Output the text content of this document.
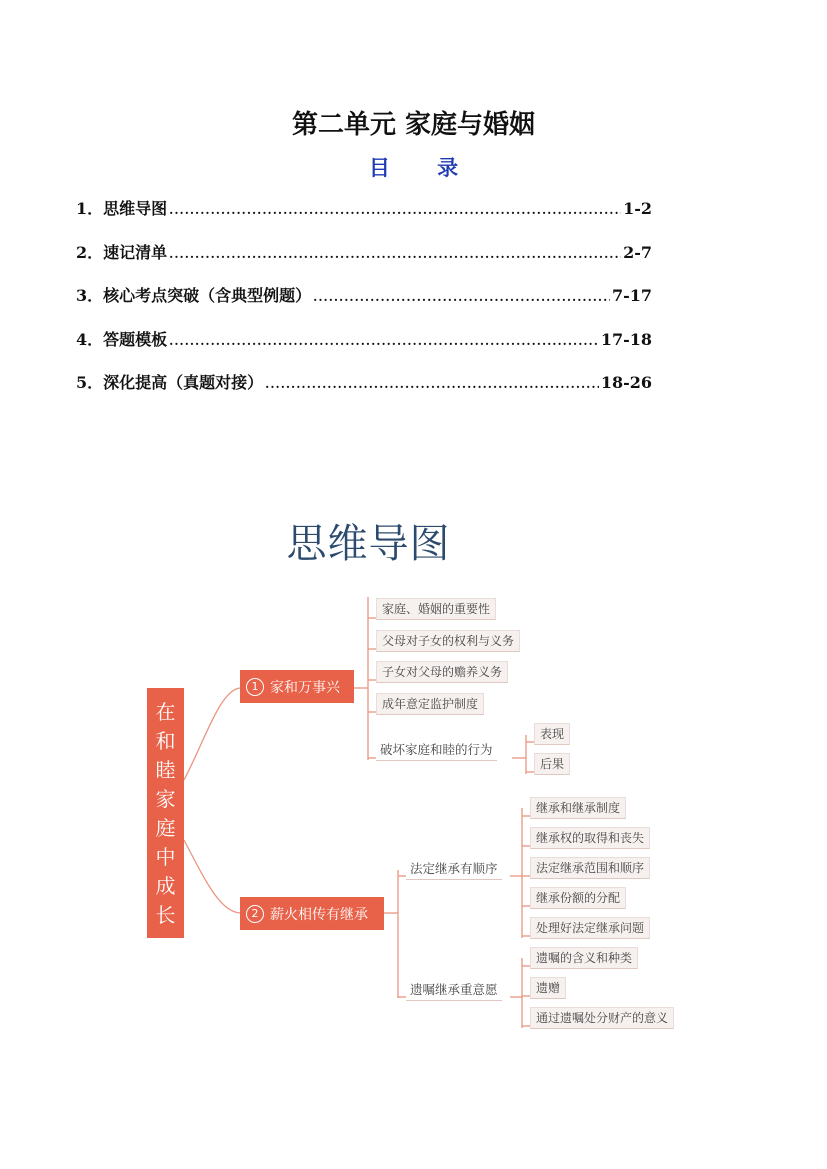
第二单元 家庭与婚姻
目 录
1． 思维导图 .....	1-2
2． 速记清单 .....	2-7
3． 核心考点突破（含典型例题） .....	7-17
4． 答题模板 .....	17-18
5． 深化提高（真题对接） .....	18-26
思维导图
在和睦家庭中成长
1 家和万事兴
家庭、婚姻的重要性
父母对子女的权利与义务
子女对父母的赡养义务
成年意定监护制度
破坏家庭和睦的行为
表现
后果
2 薪火相传有继承
法定继承有顺序
继承和继承制度
继承权的取得和丧失
法定继承范围和顺序
继承份额的分配
处理好法定继承问题
遗嘱继承重意愿
遗嘱的含义和种类
遗赠
通过遗嘱处分财产的意义
